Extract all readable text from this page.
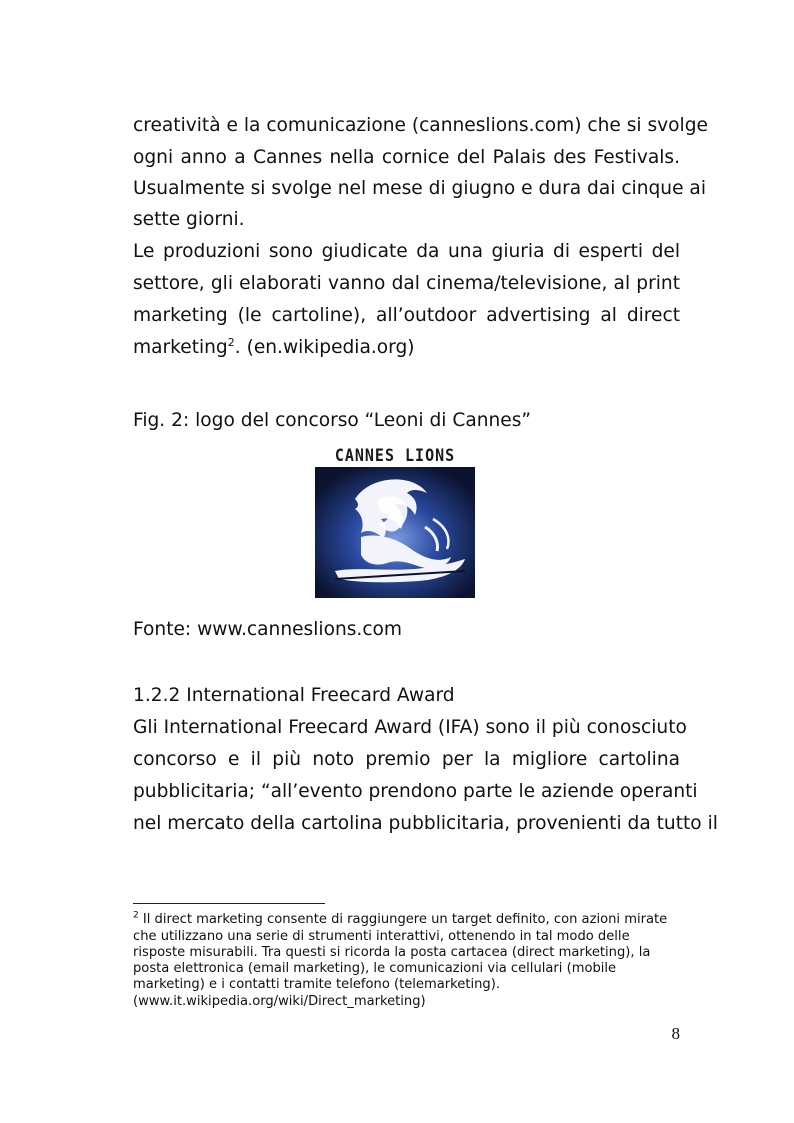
creatività e la comunicazione (canneslions.com) che si svolge
ogni anno a Cannes nella cornice del Palais des Festivals.
Usualmente si svolge nel mese di giugno e dura dai cinque ai
sette giorni.
Le produzioni sono giudicate da una giuria di esperti del
settore, gli elaborati vanno dal cinema/televisione, al print
marketing (le cartoline), all’outdoor advertising al direct
marketing$^2$. (en.wikipedia.org)
Fig. 2: logo del concorso “Leoni di Cannes”
CANNES LIONS
Fonte: www.canneslions.com
1.2.2 International Freecard Award
Gli International Freecard Award (IFA) sono il più conosciuto
concorso e il più noto premio per la migliore cartolina
pubblicitaria; “all’evento prendono parte le aziende operanti
nel mercato della cartolina pubblicitaria, provenienti da tutto il
$^2$ Il direct marketing consente di raggiungere un target definito, con azioni mirate
che utilizzano una serie di strumenti interattivi, ottenendo in tal modo delle
risposte misurabili. Tra questi si ricorda la posta cartacea (direct marketing), la
posta elettronica (email marketing), le comunicazioni via cellulari (mobile
marketing) e i contatti tramite telefono (telemarketing).
(www.it.wikipedia.org/wiki/Direct_marketing)
8
